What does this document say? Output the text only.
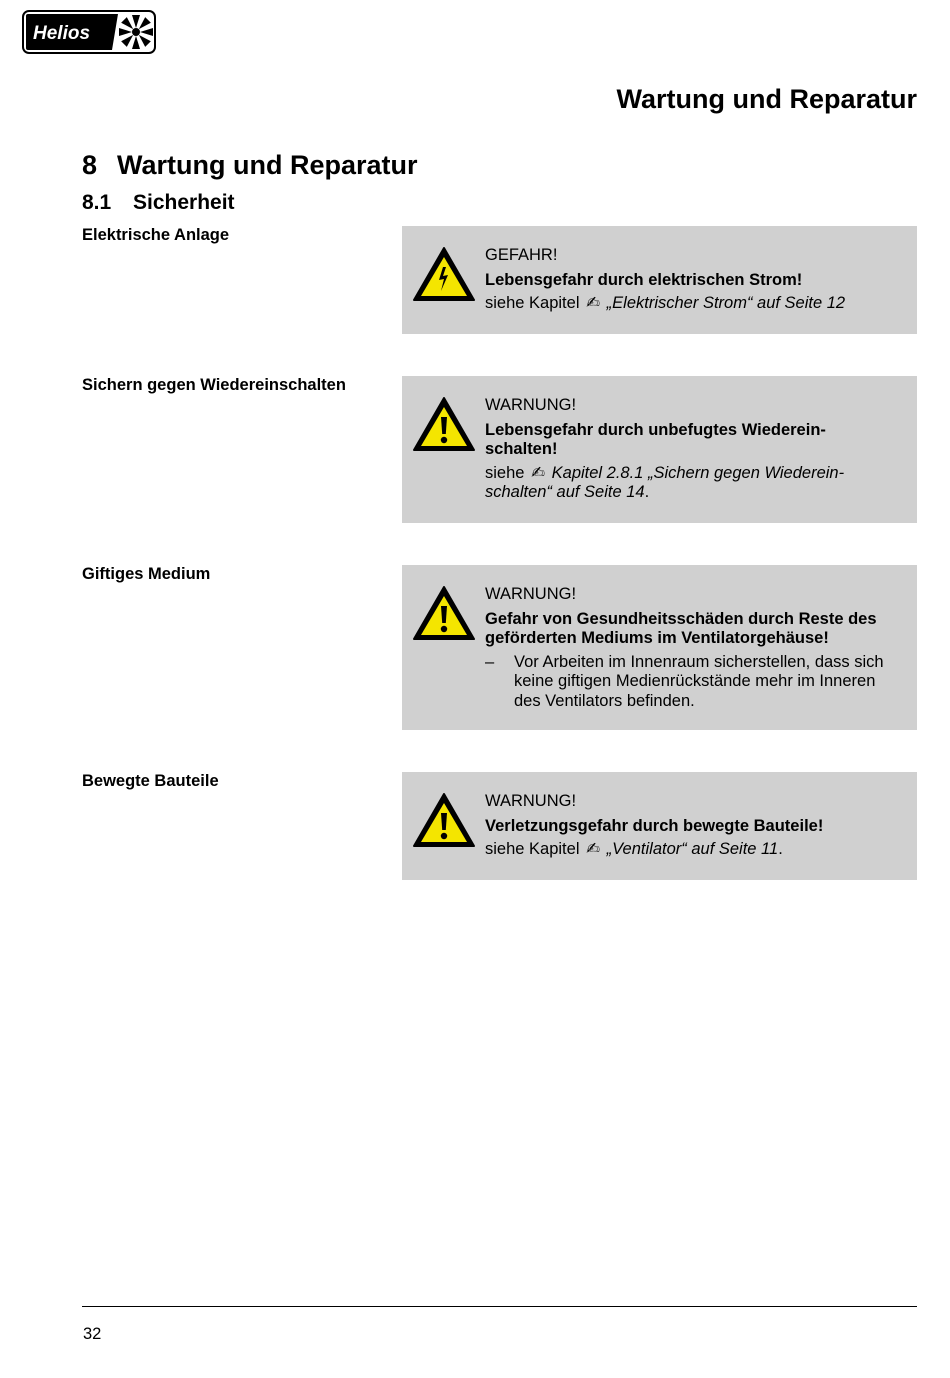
Helios
Wartung und Reparatur
8 Wartung und Reparatur
8.1 Sicherheit
Elektrische Anlage
GEFAHR!
Lebensgefahr durch elektrischen Strom!
siehe Kapitel ✍ „Elektrischer Strom“ auf Seite 12
Sichern gegen Wiedereinschalten
WARNUNG!
Lebensgefahr durch unbefugtes Wiederein-
schalten!
siehe ✍ Kapitel 2.8.1 „Sichern gegen Wiederein-
schalten“ auf Seite 14.
Giftiges Medium
WARNUNG!
Gefahr von Gesundheitsschäden durch Reste des
geförderten Mediums im Ventilatorgehäuse!
– Vor Arbeiten im Innenraum sicherstellen, dass sich
keine giftigen Medienrückstände mehr im Inneren
des Ventilators befinden.
Bewegte Bauteile
WARNUNG!
Verletzungsgefahr durch bewegte Bauteile!
siehe Kapitel ✍ „Ventilator“ auf Seite 11.
32
